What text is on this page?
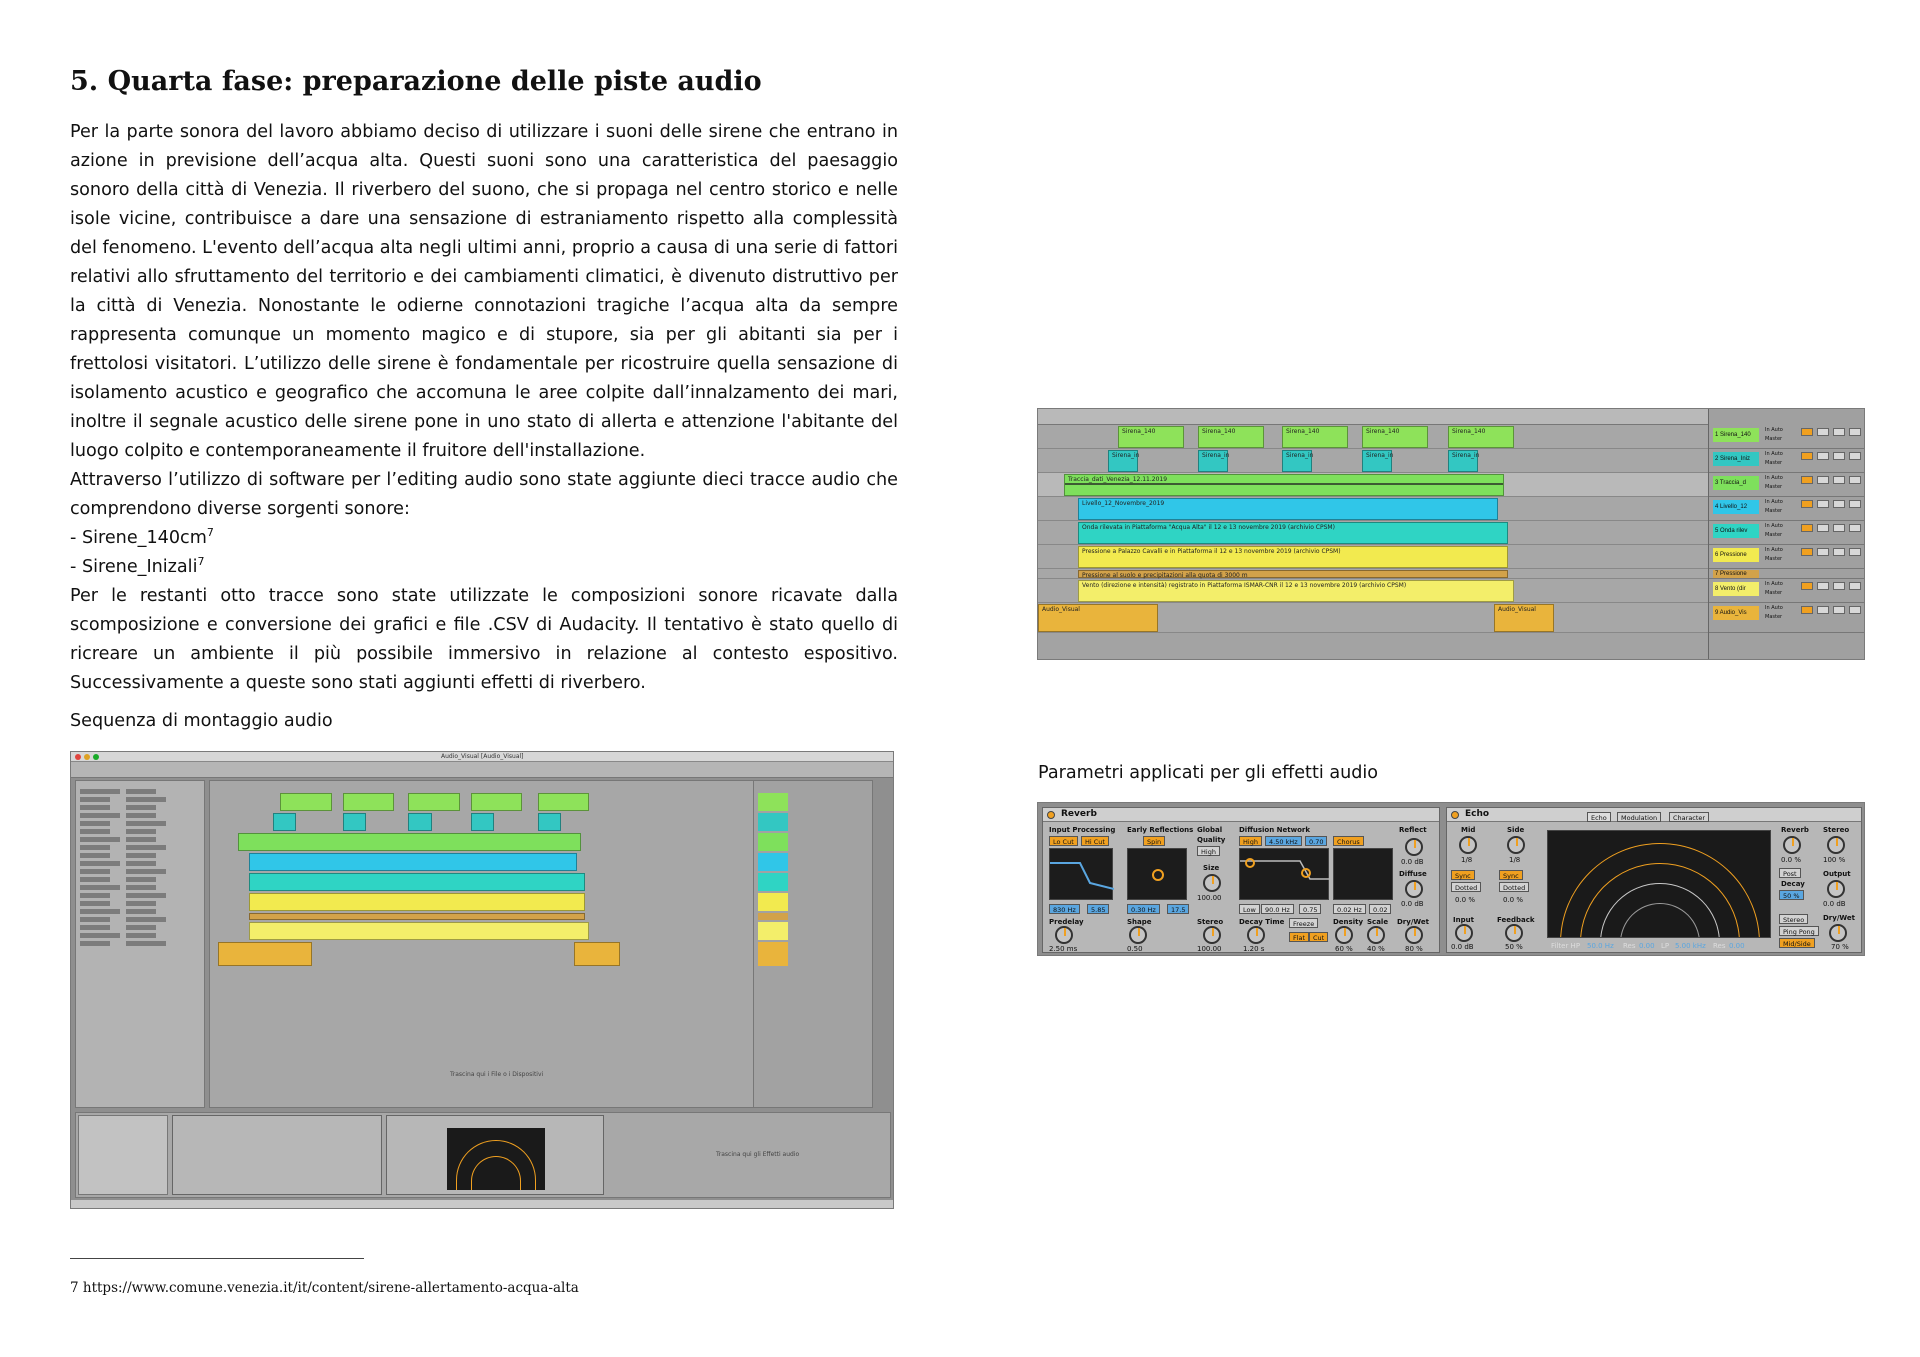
5. Quarta fase: preparazione delle piste audio

Per la parte sonora del lavoro abbiamo deciso di utilizzare i suoni delle sirene che entrano in azione in previsione dell’acqua alta. Questi suoni sono una caratteristica del paesaggio sonoro della città di Venezia. Il riverbero del suono, che si propaga nel centro storico e nelle isole vicine, contribuisce a dare una sensazione di estraniamento rispetto alla complessità del fenomeno. L'evento dell’acqua alta negli ultimi anni, proprio a causa di una serie di fattori relativi allo sfruttamento del territorio e dei cambiamenti climatici, è divenuto distruttivo per la città di Venezia. Nonostante le odierne connotazioni tragiche l’acqua alta da sempre rappresenta comunque un momento magico e di stupore, sia per gli abitanti sia per i frettolosi visitatori. L’utilizzo delle sirene è fondamentale per ricostruire quella sensazione di isolamento acustico e geografico che accomuna le aree colpite dall’innalzamento dei mari, inoltre il segnale acustico delle sirene pone in uno stato di allerta e attenzione l'abitante del luogo colpito e contemporaneamente il fruitore dell'installazione.

Attraverso l’utilizzo di software per l’editing audio sono state aggiunte dieci tracce audio che comprendono diverse sorgenti sonore:

- $Sirene\_140cm^7$

- Sirene_Inizali$^7$

Per le restanti otto tracce sono state utilizzate le composizioni sonore ricavate dalla scomposizione e conversione dei grafici e file .CSV di Audacity. Il tentativo è stato quello di ricreare un ambiente il più possibile immersivo in relazione al contesto espositivo. Successivamente a queste sono stati aggiunti effetti di riverbero.

Sequenza di montaggio audio
Parametri applicati per gli effetti audio
Sirena_140	Sirena_140	Sirena_140	Sirena_140	Sirena_140
Sirena_in	Sirena_in	Sirena_in	Sirena_in	Sirena_in
Traccia_dati_Venezia_12.11.2019
Livello_12_Novembre_2019
Onda rilevata in Piattaforma "Acqua Alta" il 12 e 13 novembre 2019 (archivio CPSM)
Pressione a Palazzo Cavalli e in Piattaforma il 12 e 13 novembre 2019 (archivio CPSM)
Pressione al suolo e precipitazioni alla quota di 3000 m
Vento (direzione e intensità) registrato in Piattaforma ISMAR-CNR il 12 e 13 novembre 2019 (archivio CPSM)
Audio_Visual	Audio_Visual
1 Sirena_140
In Auto
Master
2 Sirena_Iniz
In Auto
Master
3 Traccia_d
In Auto
Master
4 Livello_12
In Auto
Master
5 Onda rilev
In Auto
Master
6 Pressione
In Auto
Master
7 Pressione
8 Vento (dir
In Auto
Master
9 Audio_Vis
In Auto
Master
Reverb
Input Processing Early Reflections Global Diffusion Network	Reflect
Lo Cut	Hi Cut	Spin	Quality
High
High	4.50 kHz	0.70	Chorus
0.0 dB
Diffuse
0.0 dB
Size
100.00
830 Hz	5.85	0.30 Hz	17.5	Low	90.0 Hz	0.75	0.02 Hz	0.02
Predelay
2.50 ms
Shape
0.50
Stereo
100.00
Decay Time
1.20 s
Freeze
Flat	Cut
Density
60 %
Scale
40 %
Dry/Wet
80 %
Echo	Echo	Modulation	Character
Mid	Side
1/8	1/8
Sync	Sync
Dotted	Dotted
0.0 %	0.0 %
Input
0.0 dB
Feedback
50 %	Filter HP 50.0 Hz Res 0.00 LP 5.00 kHz Res 0.00
Reverb Stereo
0.0 %	100 %
Post
Decay
50 %
Output
0.0 dB
Stereo
Ping Pong
Mid/Side
Dry/Wet
70 %
Audio_Visual [Audio_Visual]
Trascina qui i File o i Dispositivi
Trascina qui gli Effetti audio
7 https://www.comune.venezia.it/it/content/sirene-allertamento-acqua-alta
